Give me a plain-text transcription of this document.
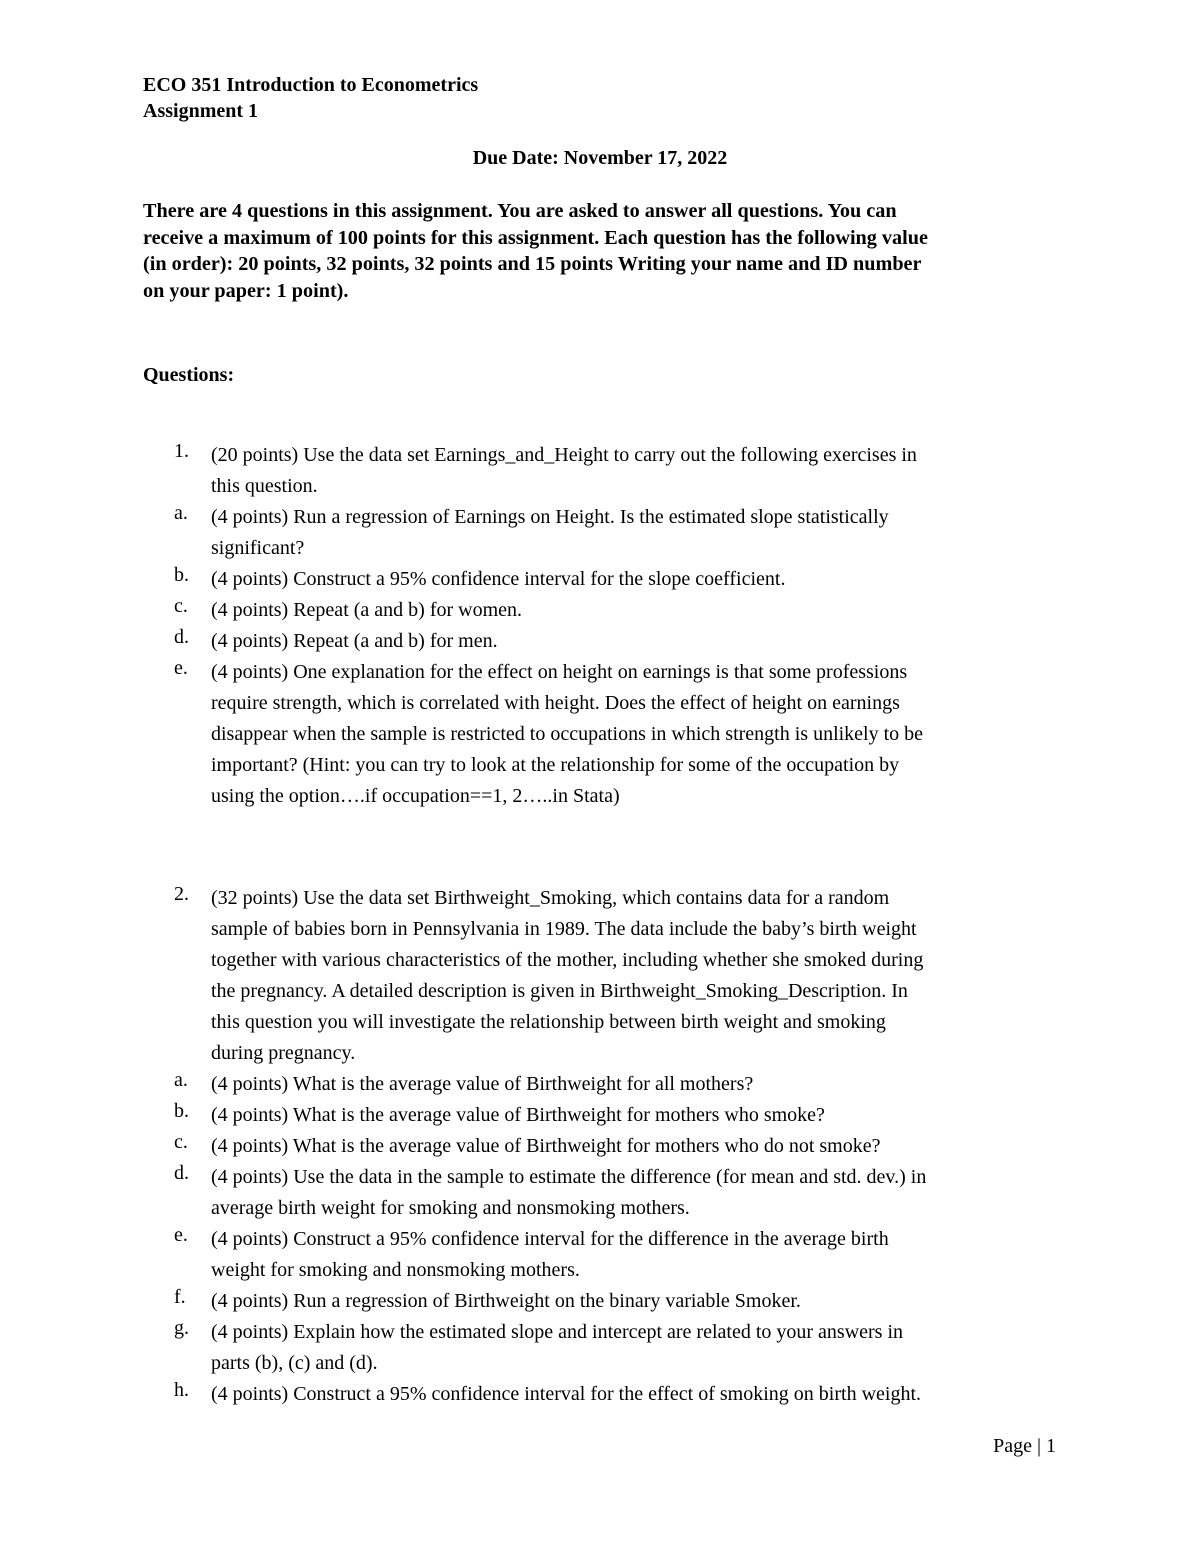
ECO 351 Introduction to Econometrics
Assignment 1
Due Date: November 17, 2022
There are 4 questions in this assignment. You are asked to answer all questions. You can
receive a maximum of 100 points for this assignment. Each question has the following value
(in order): 20 points, 32 points, 32 points and 15 points Writing your name and ID number
on your paper: 1 point).
Questions:
1. (20 points) Use the data set Earnings_and_Height to carry out the following exercises in
this question.
a. (4 points) Run a regression of Earnings on Height. Is the estimated slope statistically
significant?
b. (4 points) Construct a 95% confidence interval for the slope coefficient.
c. (4 points) Repeat (a and b) for women.
d. (4 points) Repeat (a and b) for men.
e. (4 points) One explanation for the effect on height on earnings is that some professions
require strength, which is correlated with height. Does the effect of height on earnings
disappear when the sample is restricted to occupations in which strength is unlikely to be
important? (Hint: you can try to look at the relationship for some of the occupation by
using the option….if occupation==1, 2…..in Stata)
2. (32 points) Use the data set Birthweight_Smoking, which contains data for a random
sample of babies born in Pennsylvania in 1989. The data include the baby’s birth weight
together with various characteristics of the mother, including whether she smoked during
the pregnancy. A detailed description is given in Birthweight_Smoking_Description. In
this question you will investigate the relationship between birth weight and smoking
during pregnancy.
a. (4 points) What is the average value of Birthweight for all mothers?
b. (4 points) What is the average value of Birthweight for mothers who smoke?
c. (4 points) What is the average value of Birthweight for mothers who do not smoke?
d. (4 points) Use the data in the sample to estimate the difference (for mean and std. dev.) in
average birth weight for smoking and nonsmoking mothers.
e. (4 points) Construct a 95% confidence interval for the difference in the average birth
weight for smoking and nonsmoking mothers.
f. (4 points) Run a regression of Birthweight on the binary variable Smoker.
g. (4 points) Explain how the estimated slope and intercept are related to your answers in
parts (b), (c) and (d).
h. (4 points) Construct a 95% confidence interval for the effect of smoking on birth weight.
Page | 1
